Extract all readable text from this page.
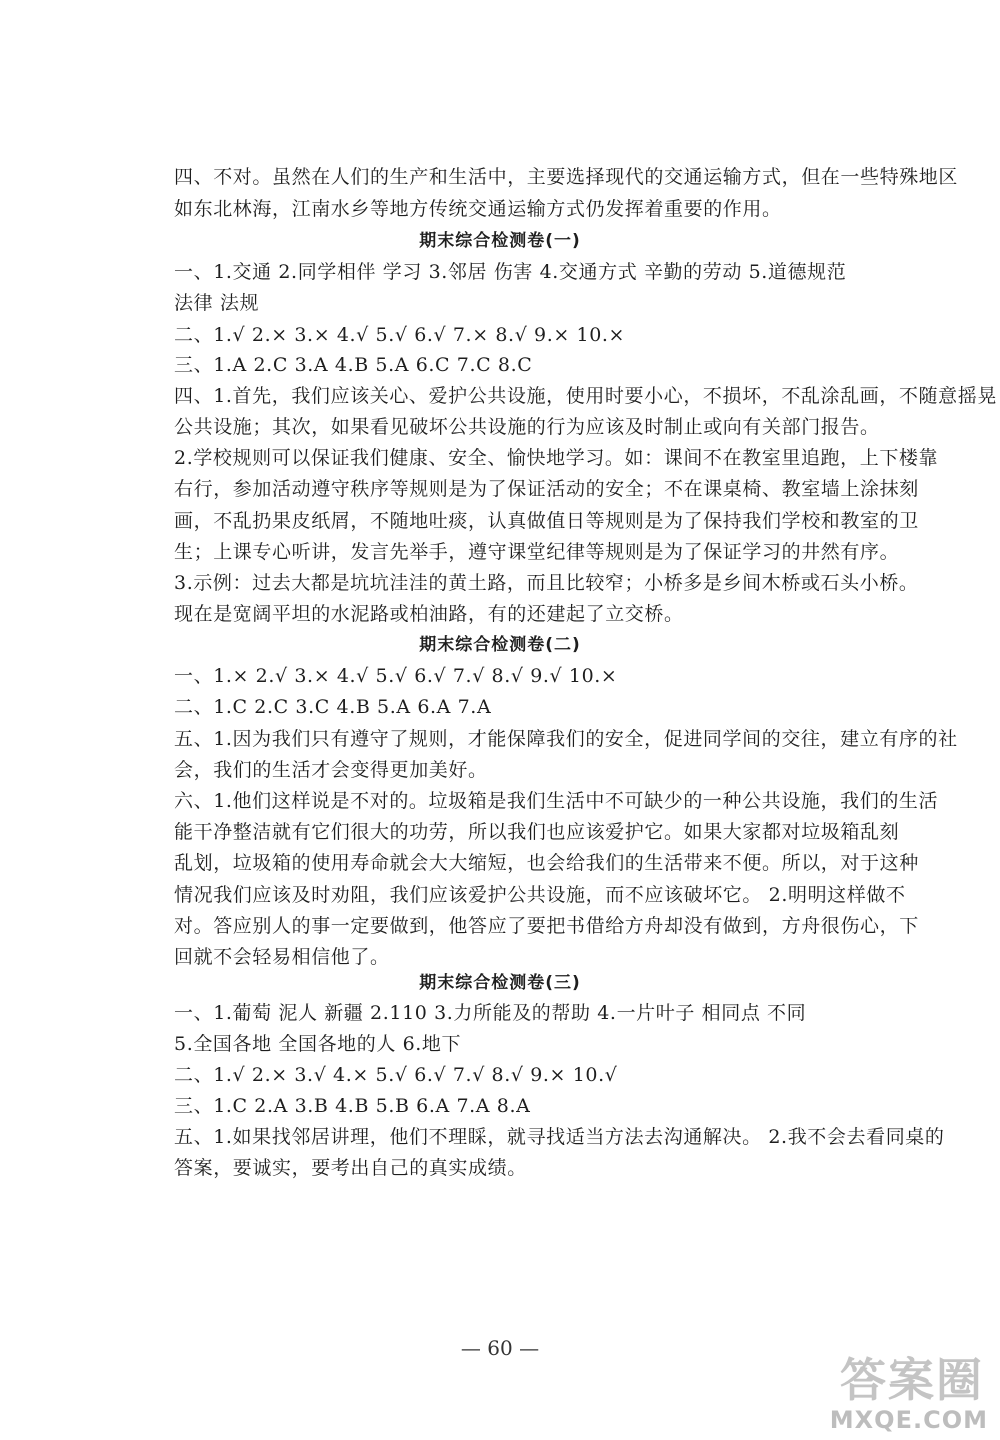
四、不对。虽然在人们的生产和生活中，主要选择现代的交通运输方式，但在一些特殊地区
如东北林海，江南水乡等地方传统交通运输方式仍发挥着重要的作用。
期末综合检测卷(一)
一、1.交通 2.同学相伴 学习 3.邻居 伤害 4.交通方式 辛勤的劳动 5.道德规范
法律 法规
二、1.√ 2.× 3.× 4.√ 5.√ 6.√ 7.× 8.√ 9.× 10.×
三、1.A 2.C 3.A 4.B 5.A 6.C 7.C 8.C
四、1.首先，我们应该关心、爱护公共设施，使用时要小心，不损坏，不乱涂乱画，不随意摇晃
公共设施；其次，如果看见破坏公共设施的行为应该及时制止或向有关部门报告。
2.学校规则可以保证我们健康、安全、愉快地学习。如：课间不在教室里追跑，上下楼靠
右行，参加活动遵守秩序等规则是为了保证活动的安全；不在课桌椅、教室墙上涂抹刻
画，不乱扔果皮纸屑，不随地吐痰，认真做值日等规则是为了保持我们学校和教室的卫
生；上课专心听讲，发言先举手，遵守课堂纪律等规则是为了保证学习的井然有序。
3.示例：过去大都是坑坑洼洼的黄土路，而且比较窄；小桥多是乡间木桥或石头小桥。
现在是宽阔平坦的水泥路或柏油路，有的还建起了立交桥。
期末综合检测卷(二)
一、1.× 2.√ 3.× 4.√ 5.√ 6.√ 7.√ 8.√ 9.√ 10.×
二、1.C 2.C 3.C 4.B 5.A 6.A 7.A
五、1.因为我们只有遵守了规则，才能保障我们的安全，促进同学间的交往，建立有序的社
会，我们的生活才会变得更加美好。
六、1.他们这样说是不对的。垃圾箱是我们生活中不可缺少的一种公共设施，我们的生活
能干净整洁就有它们很大的功劳，所以我们也应该爱护它。如果大家都对垃圾箱乱刻
乱划，垃圾箱的使用寿命就会大大缩短，也会给我们的生活带来不便。所以，对于这种
情况我们应该及时劝阻，我们应该爱护公共设施，而不应该破坏它。 2.明明这样做不
对。答应别人的事一定要做到，他答应了要把书借给方舟却没有做到，方舟很伤心，下
回就不会轻易相信他了。
期末综合检测卷(三)
一、1.葡萄 泥人 新疆 2.110 3.力所能及的帮助 4.一片叶子 相同点 不同
5.全国各地 全国各地的人 6.地下
二、1.√ 2.× 3.√ 4.× 5.√ 6.√ 7.√ 8.√ 9.× 10.√
三、1.C 2.A 3.B 4.B 5.B 6.A 7.A 8.A
五、1.如果找邻居讲理，他们不理睬，就寻找适当方法去沟通解决。 2.我不会去看同桌的
答案，要诚实，要考出自己的真实成绩。
— 60 —
答案圈
MXQE.COM
